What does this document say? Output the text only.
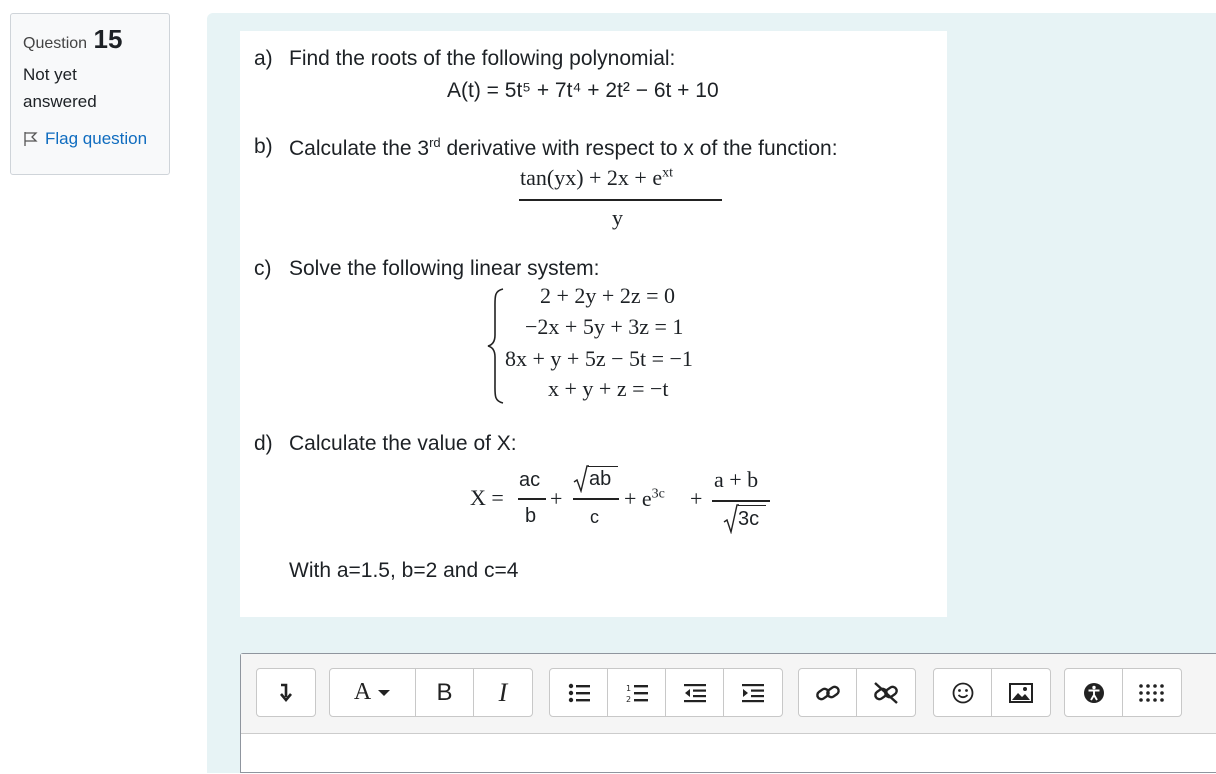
Question 15
Not yet answered
Flag question
a) Find the roots of the following polynomial:
A(t) = 5t⁵ + 7t⁴ + 2t² − 6t + 10
b) Calculate the 3rd derivative with respect to x of the function:
$\tan(yx) + 2x + e^{xt}$
y
c) Solve the following linear system:
2 + 2y + 2z = 0
−2x + 5y + 3z = 1
8x + y + 5z − 5t = −1
x + y + z = −t
d) Calculate the value of X:
X =
ac
b
+
ab
c
+ $e^{3c}$ +
a + b
3c
With a=1.5, b=2 and c=4
A	B I	1
2
